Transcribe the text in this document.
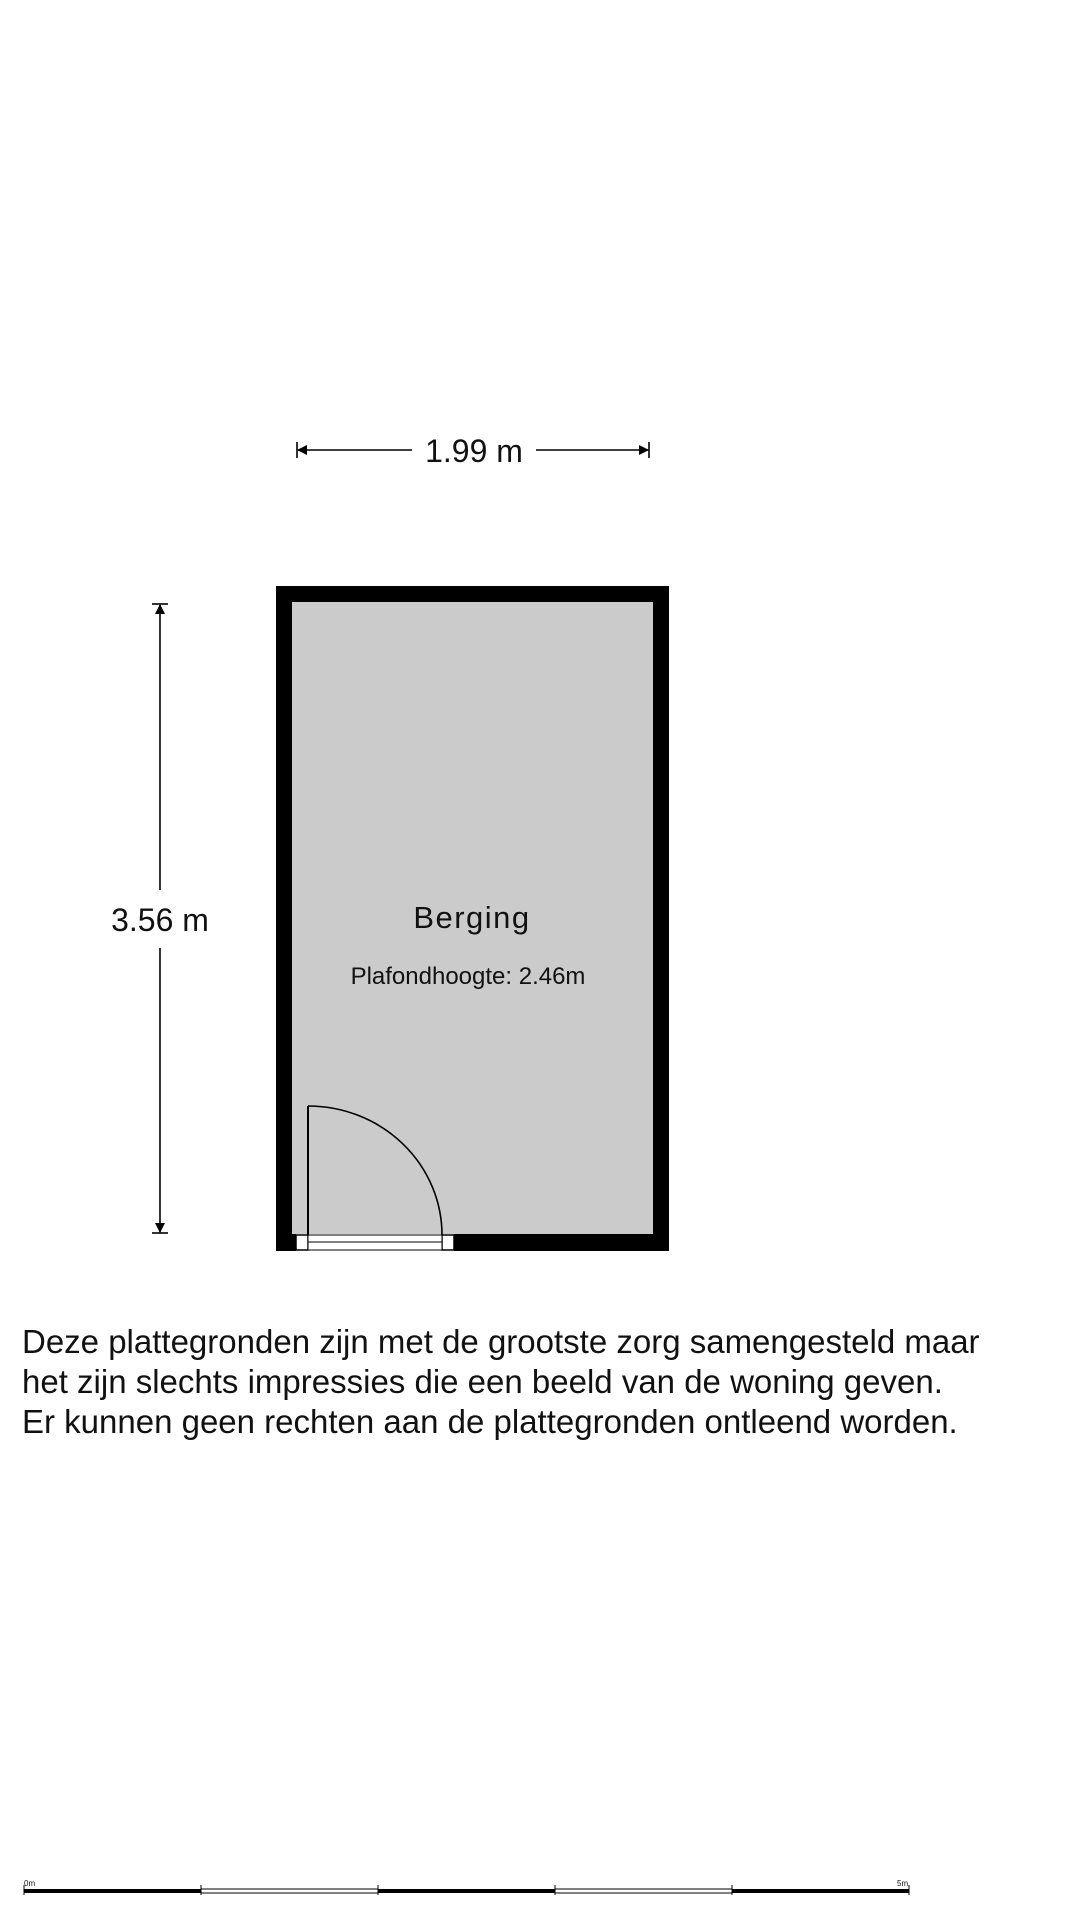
1.99 m
3.56 m	Berging
Plafondhoogte: 2.46m
0m	5m
Deze plattegronden zijn met de grootste zorg samengesteld maar
het zijn slechts impressies die een beeld van de woning geven.
Er kunnen geen rechten aan de plattegronden ontleend worden.
